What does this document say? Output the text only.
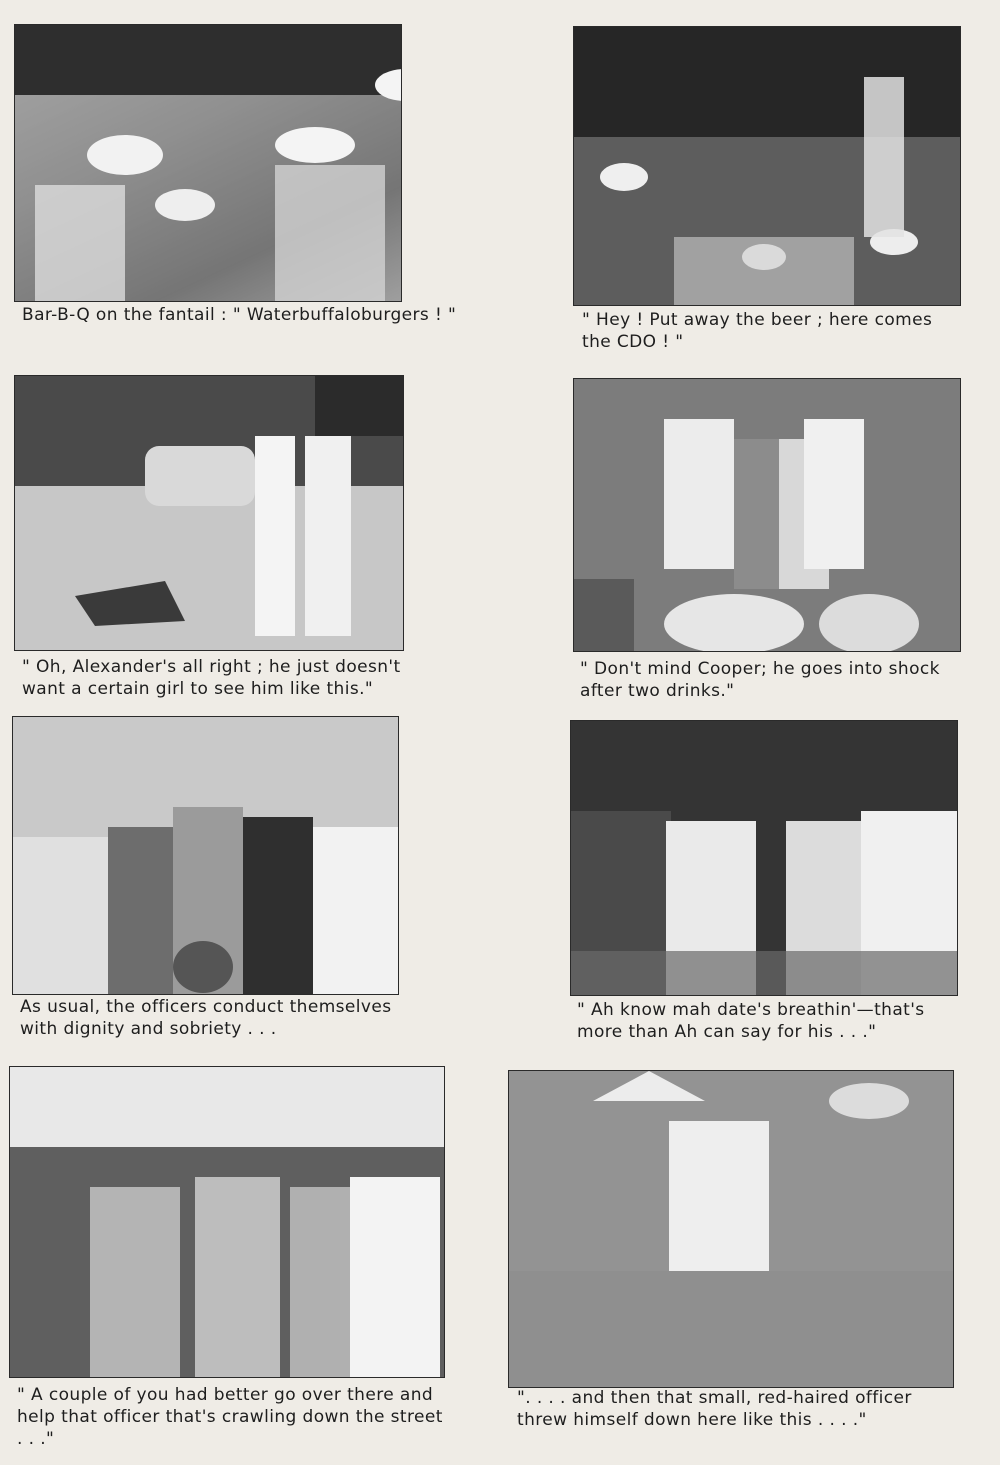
Bar-B-Q on the fantail : " Waterbuffaloburgers ! "	" Hey ! Put away the beer ; here comes the CDO ! "

" Oh, Alexander's all right ; he just doesn't want a certain girl to see him like this."

" Don't mind Cooper; he goes into shock after two drinks."

As usual, the officers conduct themselves with dignity and sobriety . . .

" Ah know mah date's breathin'—that's more than Ah can say for his . . ."

" A couple of you had better go over there and help that officer that's crawling down the street . . ."

". . . . and then that small, red-haired officer threw himself down here like this . . . ."
